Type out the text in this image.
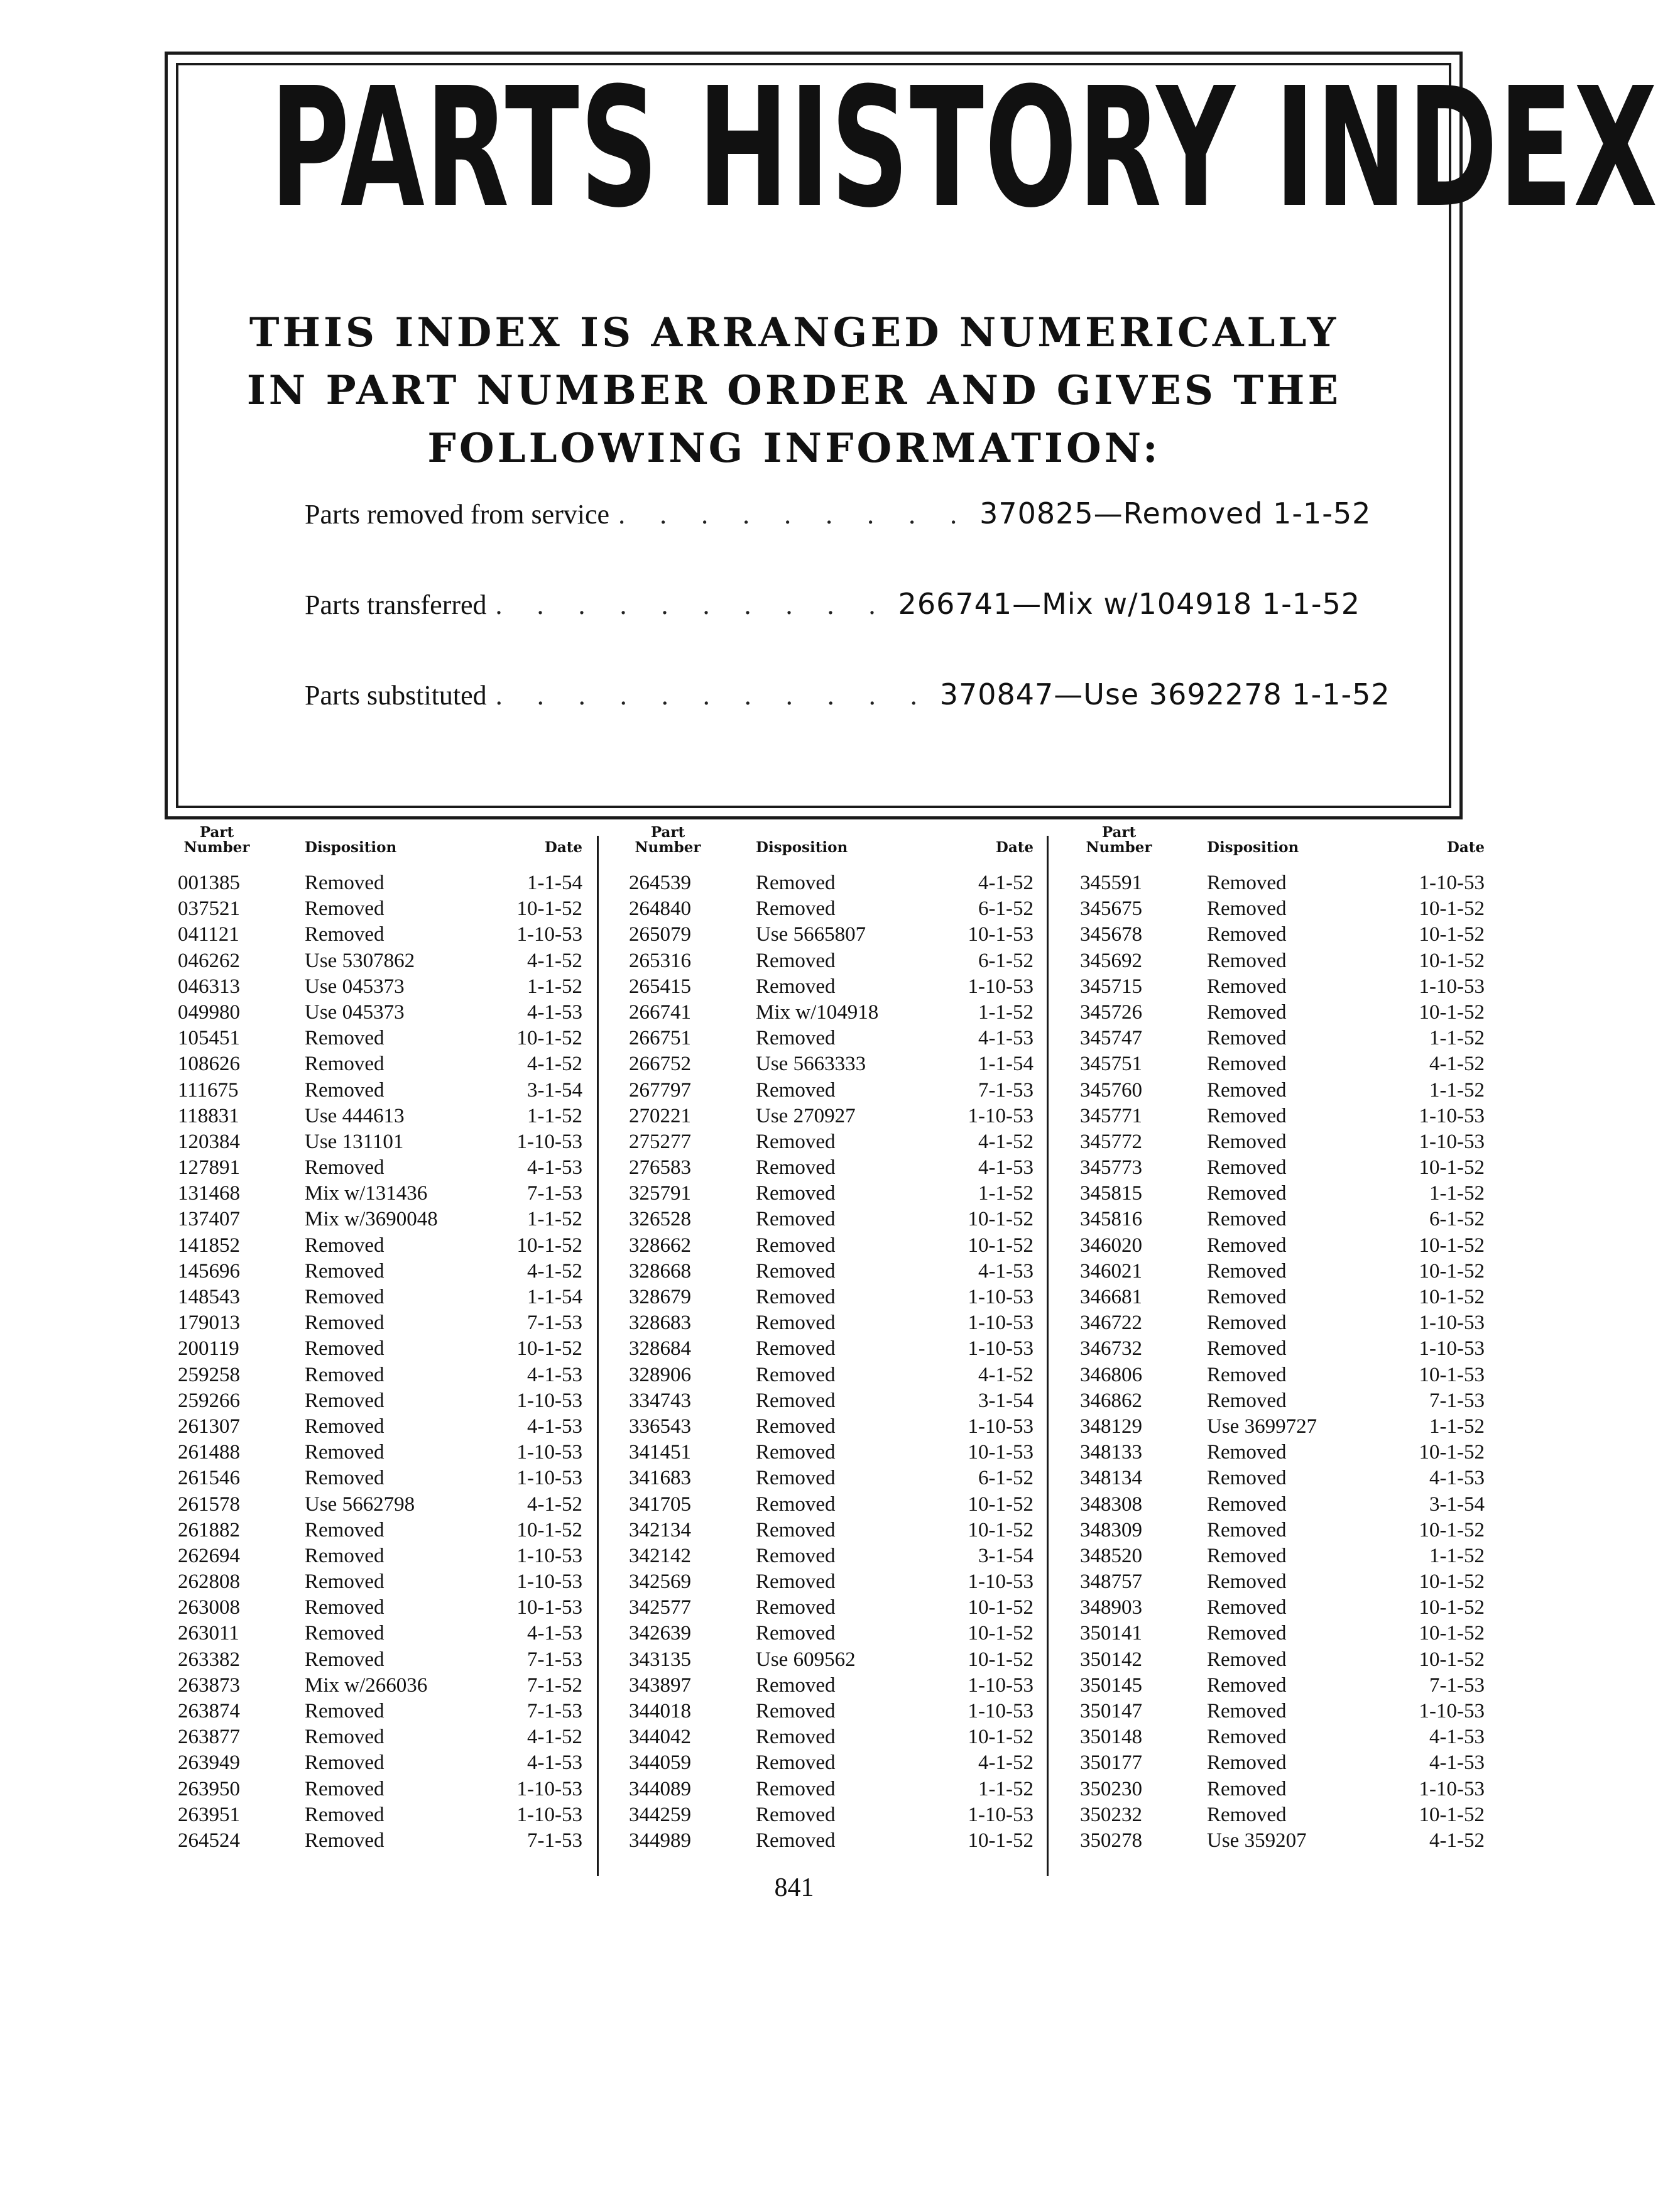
PARTS HISTORY INDEX
THIS INDEX IS ARRANGED NUMERICALLY
IN PART NUMBER ORDER AND GIVES THE
FOLLOWING INFORMATION:
Parts removed from service . . . . . . . . . 370825—Removed 1-1-52
Parts transferred . . . . . . . . . . 266741—Mix w/104918 1-1-52
Parts substituted . . . . . . . . . . . 370847—Use 3692278 1-1-52
Part
Number	Disposition	Date
001385	Removed	1-1-54
037521	Removed	10-1-52
041121	Removed	1-10-53
046262	Use 5307862	4-1-52
046313	Use 045373	1-1-52
049980	Use 045373	4-1-53
105451	Removed	10-1-52
108626	Removed	4-1-52
111675	Removed	3-1-54
118831	Use 444613	1-1-52
120384	Use 131101	1-10-53
127891	Removed	4-1-53
131468	Mix w/131436	7-1-53
137407	Mix w/3690048	1-1-52
141852	Removed	10-1-52
145696	Removed	4-1-52
148543	Removed	1-1-54
179013	Removed	7-1-53
200119	Removed	10-1-52
259258	Removed	4-1-53
259266	Removed	1-10-53
261307	Removed	4-1-53
261488	Removed	1-10-53
261546	Removed	1-10-53
261578	Use 5662798	4-1-52
261882	Removed	10-1-52
262694	Removed	1-10-53
262808	Removed	1-10-53
263008	Removed	10-1-53
263011	Removed	4-1-53
263382	Removed	7-1-53
263873	Mix w/266036	7-1-52
263874	Removed	7-1-53
263877	Removed	4-1-52
263949	Removed	4-1-53
263950	Removed	1-10-53
263951	Removed	1-10-53
264524	Removed	7-1-53
Part
Number	Disposition	Date
264539	Removed	4-1-52
264840	Removed	6-1-52
265079	Use 5665807	10-1-53
265316	Removed	6-1-52
265415	Removed	1-10-53
266741	Mix w/104918	1-1-52
266751	Removed	4-1-53
266752	Use 5663333	1-1-54
267797	Removed	7-1-53
270221	Use 270927	1-10-53
275277	Removed	4-1-52
276583	Removed	4-1-53
325791	Removed	1-1-52
326528	Removed	10-1-52
328662	Removed	10-1-52
328668	Removed	4-1-53
328679	Removed	1-10-53
328683	Removed	1-10-53
328684	Removed	1-10-53
328906	Removed	4-1-52
334743	Removed	3-1-54
336543	Removed	1-10-53
341451	Removed	10-1-53
341683	Removed	6-1-52
341705	Removed	10-1-52
342134	Removed	10-1-52
342142	Removed	3-1-54
342569	Removed	1-10-53
342577	Removed	10-1-52
342639	Removed	10-1-52
343135	Use 609562	10-1-52
343897	Removed	1-10-53
344018	Removed	1-10-53
344042	Removed	10-1-52
344059	Removed	4-1-52
344089	Removed	1-1-52
344259	Removed	1-10-53
344989	Removed	10-1-52
Part
Number	Disposition	Date
345591	Removed	1-10-53
345675	Removed	10-1-52
345678	Removed	10-1-52
345692	Removed	10-1-52
345715	Removed	1-10-53
345726	Removed	10-1-52
345747	Removed	1-1-52
345751	Removed	4-1-52
345760	Removed	1-1-52
345771	Removed	1-10-53
345772	Removed	1-10-53
345773	Removed	10-1-52
345815	Removed	1-1-52
345816	Removed	6-1-52
346020	Removed	10-1-52
346021	Removed	10-1-52
346681	Removed	10-1-52
346722	Removed	1-10-53
346732	Removed	1-10-53
346806	Removed	10-1-53
346862	Removed	7-1-53
348129	Use 3699727	1-1-52
348133	Removed	10-1-52
348134	Removed	4-1-53
348308	Removed	3-1-54
348309	Removed	10-1-52
348520	Removed	1-1-52
348757	Removed	10-1-52
348903	Removed	10-1-52
350141	Removed	10-1-52
350142	Removed	10-1-52
350145	Removed	7-1-53
350147	Removed	1-10-53
350148	Removed	4-1-53
350177	Removed	4-1-53
350230	Removed	1-10-53
350232	Removed	10-1-52
350278	Use 359207	4-1-52
841
